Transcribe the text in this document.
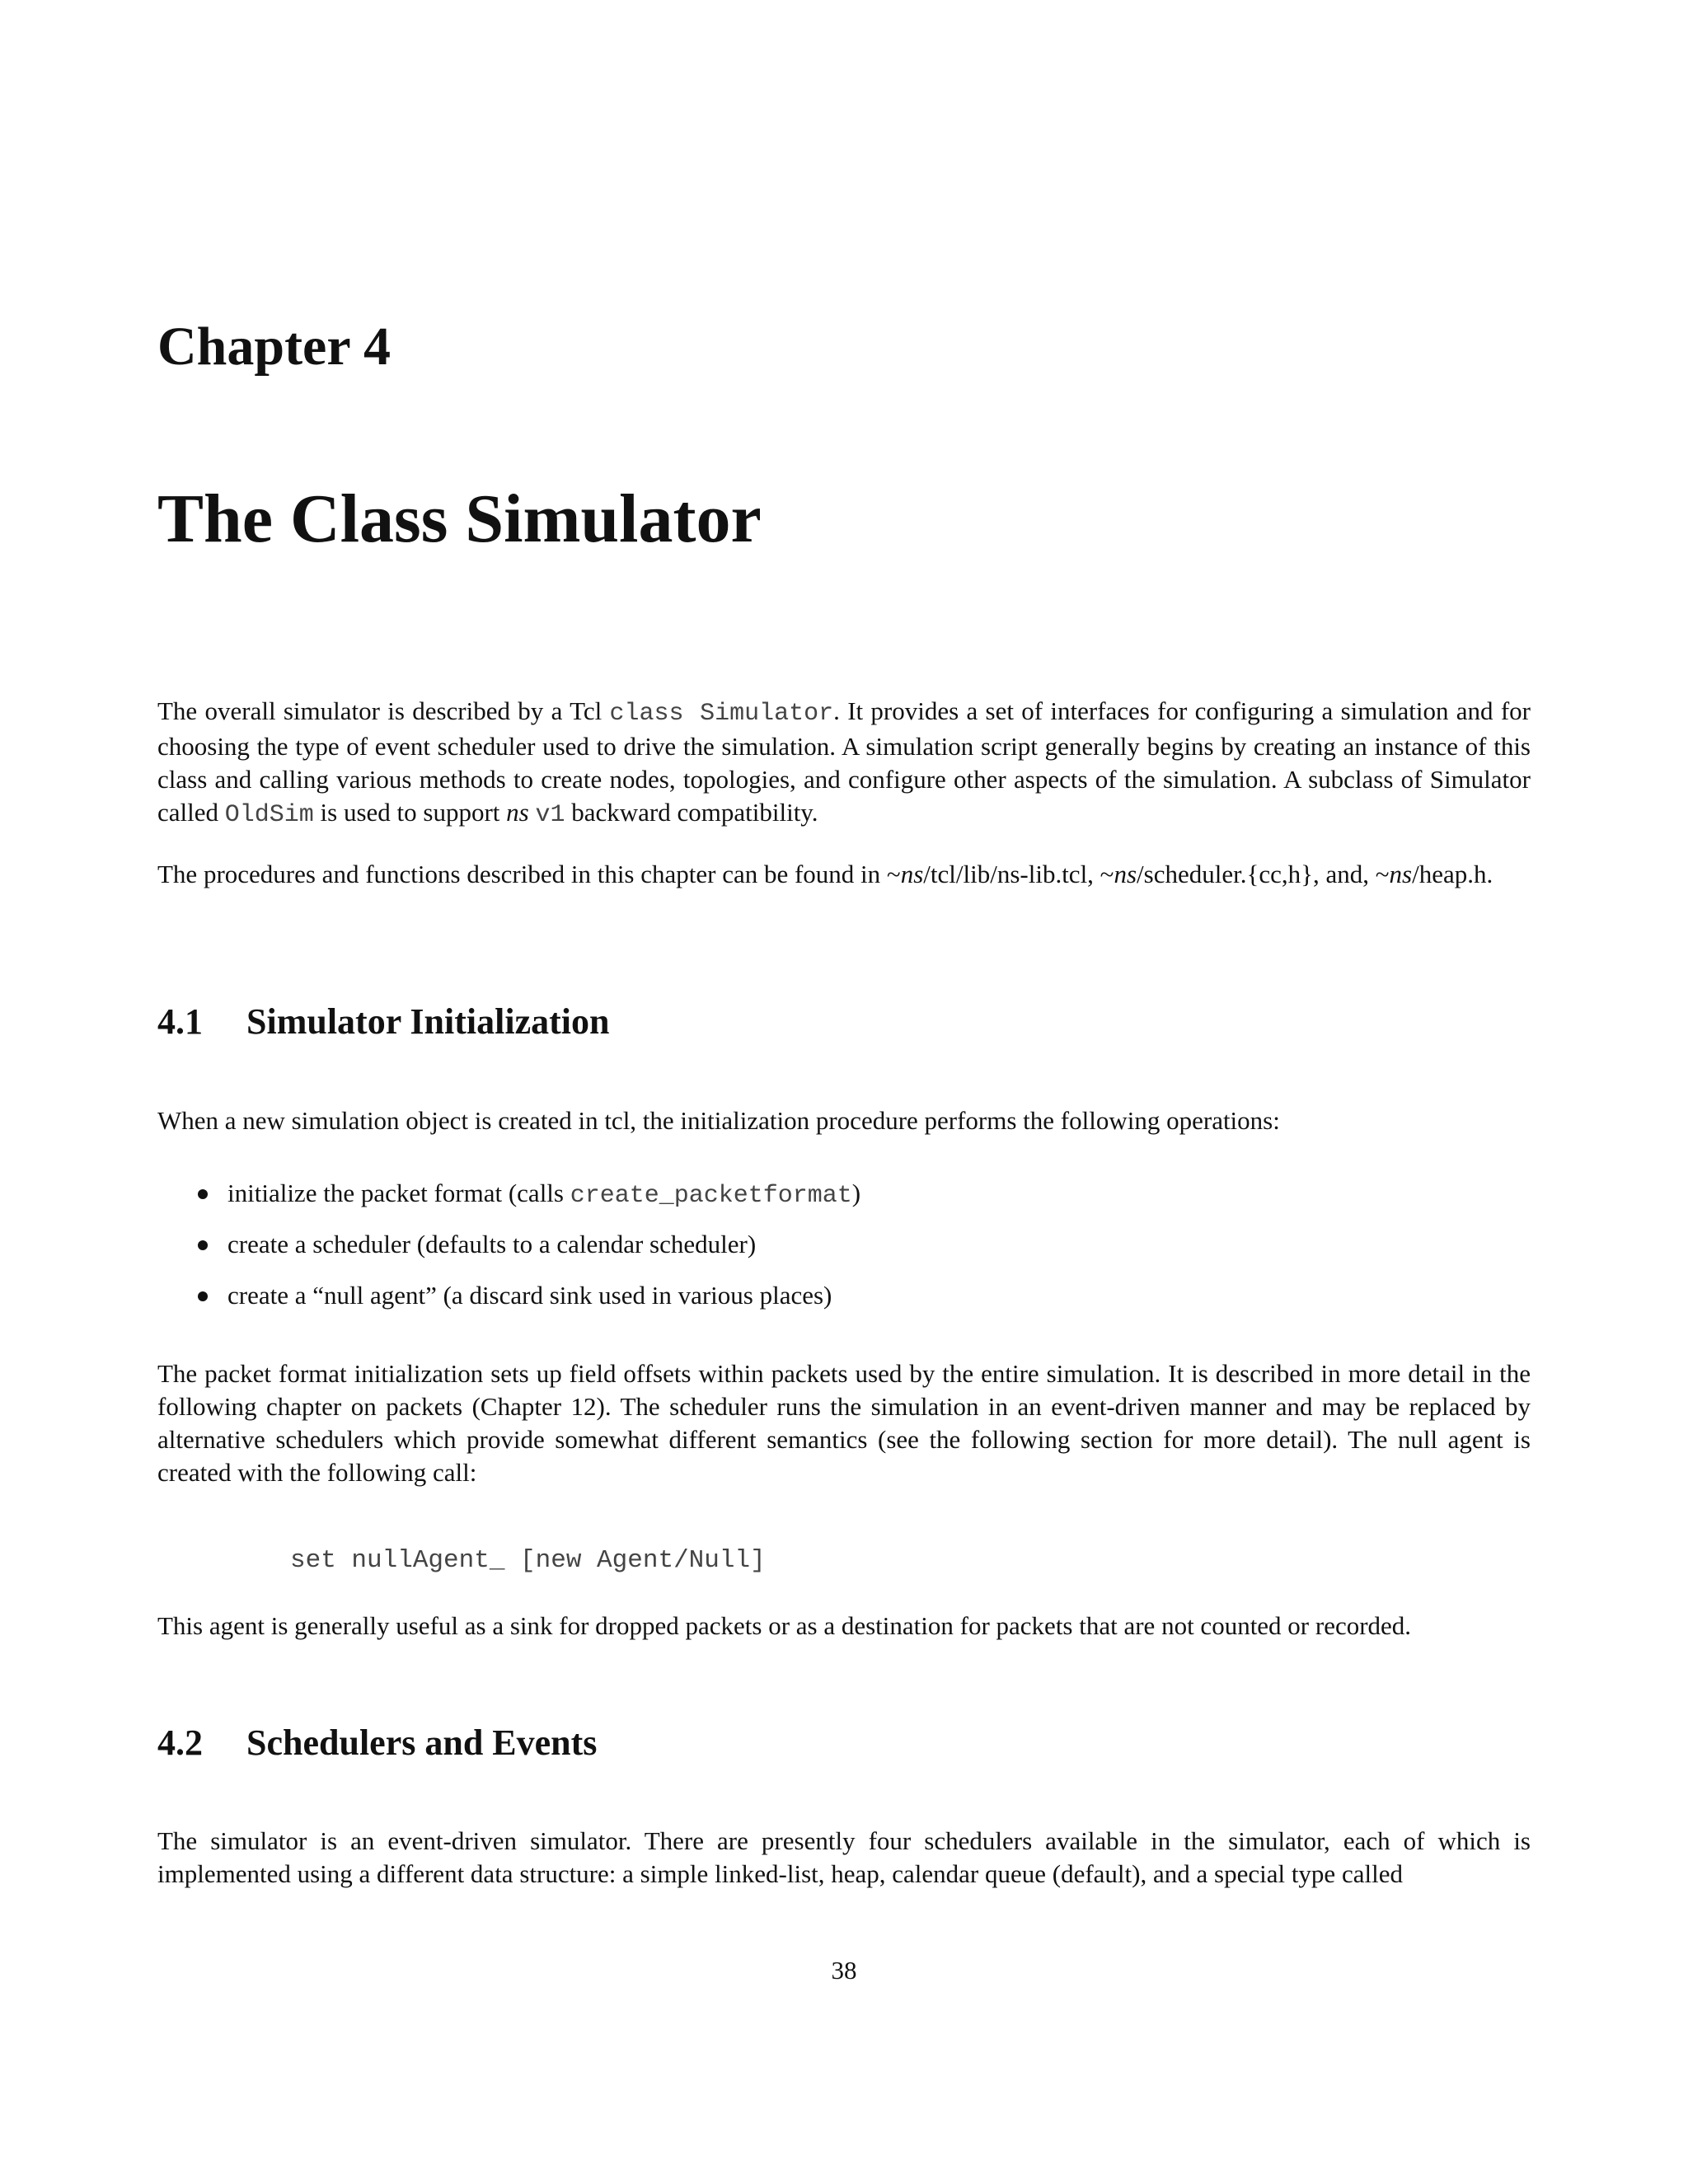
Chapter 4
The Class Simulator

The overall simulator is described by a Tcl class Simulator. It provides a set of interfaces for configuring a simulation and for choosing the type of event scheduler used to drive the simulation. A simulation script generally begins by creating an instance of this class and calling various methods to create nodes, topologies, and configure other aspects of the simulation. A subclass of Simulator called OldSim is used to support ns v1 backward compatibility.

The procedures and functions described in this chapter can be found in ~ns/tcl/lib/ns-lib.tcl, ~ns/scheduler.{cc,h}, and, ~ns/heap.h.

4.1 Simulator Initialization

When a new simulation object is created in tcl, the initialization procedure performs the following operations:

initialize the packet format (calls create_packetformat)
create a scheduler (defaults to a calendar scheduler)
create a “null agent” (a discard sink used in various places)

The packet format initialization sets up field offsets within packets used by the entire simulation. It is described in more detail in the following chapter on packets (Chapter 12). The scheduler runs the simulation in an event-driven manner and may be replaced by alternative schedulers which provide somewhat different semantics (see the following section for more detail). The null agent is created with the following call:

set nullAgent_ [new Agent/Null]

This agent is generally useful as a sink for dropped packets or as a destination for packets that are not counted or recorded.

4.2 Schedulers and Events

The simulator is an event-driven simulator. There are presently four schedulers available in the simulator, each of which is implemented using a different data structure: a simple linked-list, heap, calendar queue (default), and a special type called

38
